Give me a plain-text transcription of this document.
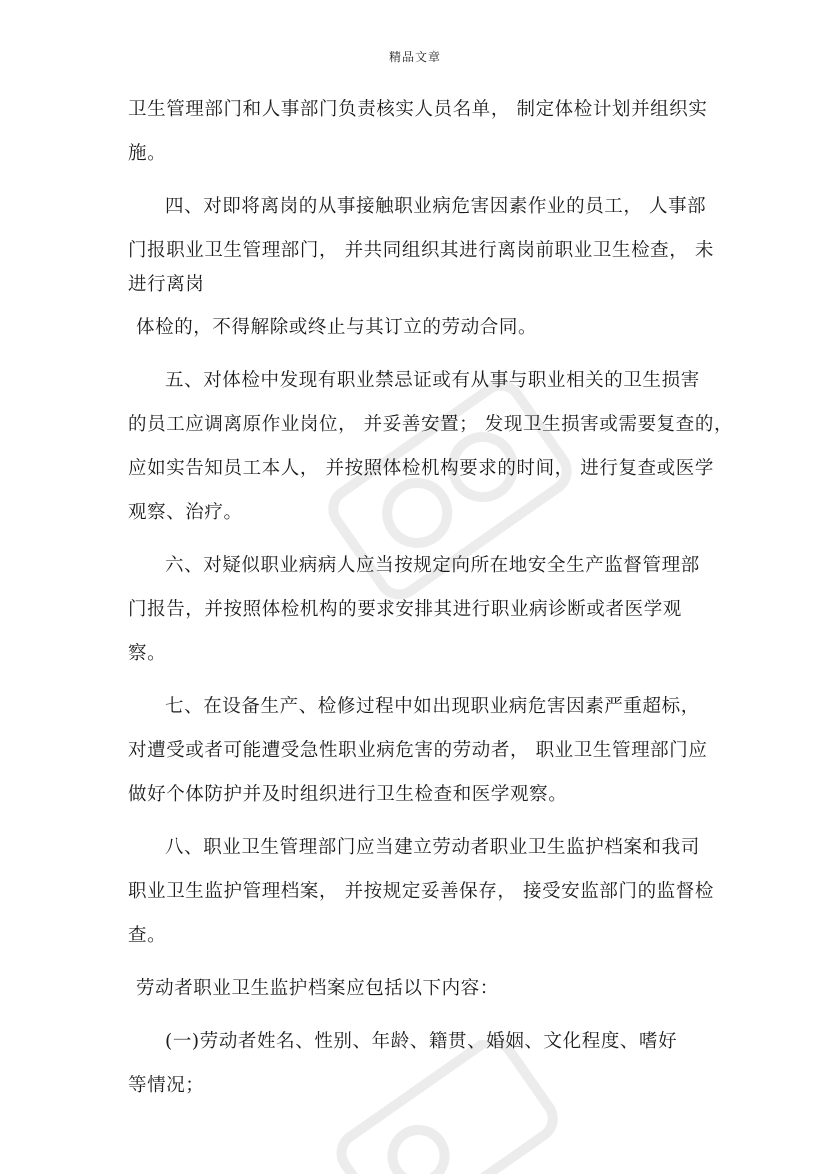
精品文章
卫生管理部门和人事部门负责核实人员名单， 制定体检计划并组织实
施。
四、对即将离岗的从事接触职业病危害因素作业的员工， 人事部
门报职业卫生管理部门， 并共同组织其进行离岗前职业卫生检查， 未
进行离岗
体检的，不得解除或终止与其订立的劳动合同。
五、对体检中发现有职业禁忌证或有从事与职业相关的卫生损害
的员工应调离原作业岗位， 并妥善安置； 发现卫生损害或需要复查的，
应如实告知员工本人， 并按照体检机构要求的时间， 进行复查或医学
观察、治疗。
六、对疑似职业病病人应当按规定向所在地安全生产监督管理部
门报告，并按照体检机构的要求安排其进行职业病诊断或者医学观
察。
七、在设备生产、检修过程中如出现职业病危害因素严重超标，
对遭受或者可能遭受急性职业病危害的劳动者， 职业卫生管理部门应
做好个体防护并及时组织进行卫生检查和医学观察。
八、职业卫生管理部门应当建立劳动者职业卫生监护档案和我司
职业卫生监护管理档案， 并按规定妥善保存， 接受安监部门的监督检
查。
劳动者职业卫生监护档案应包括以下内容：
(一)劳动者姓名、性别、年龄、籍贯、婚姻、文化程度、嗜好
等情况；
